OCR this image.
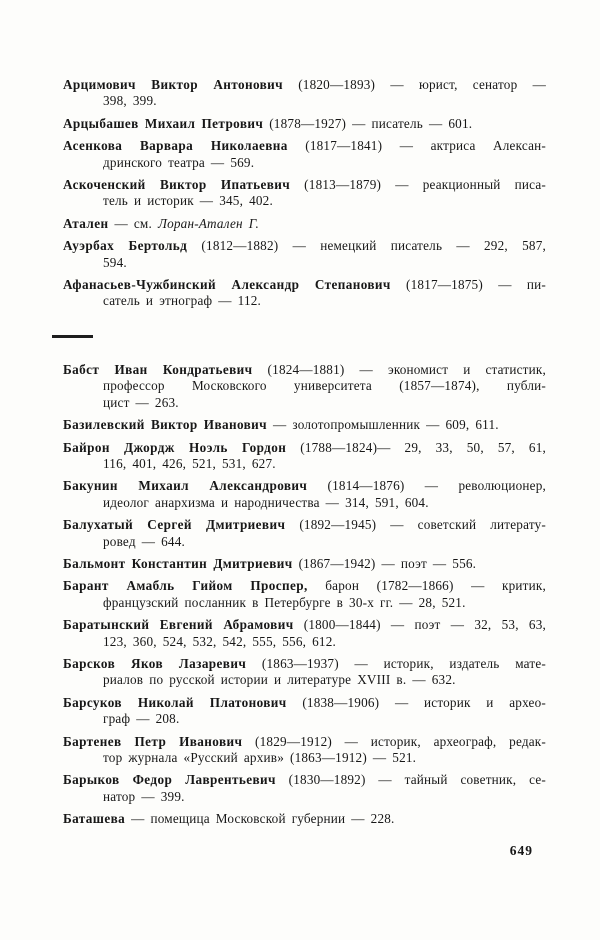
Арцимович Виктор Антонович (1820—1893) — юрист, сенатор —
398, 399.
Арцыбашев Михаил Петрович (1878—1927) — писатель — 601.
Асенкова Варвара Николаевна (1817—1841) — актриса Алексан-
дринского театра — 569.
Аскоченский Виктор Ипатьевич (1813—1879) — реакционный писа-
тель и историк — 345, 402.
Атален — см. Лоран-Атален Г.
Ауэрбах Бертольд (1812—1882) — немецкий писатель — 292, 587,
594.
Афанасьев-Чужбинский Александр Степанович (1817—1875) — пи-
сатель и этнограф — 112.
Бабст Иван Кондратьевич (1824—1881) — экономист и статистик,
профессор Московского университета (1857—1874), публи-
цист — 263.
Базилевский Виктор Иванович — золотопромышленник — 609, 611.
Байрон Джордж Ноэль Гордон (1788—1824)— 29, 33, 50, 57, 61,
116, 401, 426, 521, 531, 627.
Бакунин Михаил Александрович (1814—1876) — революционер,
идеолог анархизма и народничества — 314, 591, 604.
Балухатый Сергей Дмитриевич (1892—1945) — советский литерату-
ровед — 644.
Бальмонт Константин Дмитриевич (1867—1942) — поэт — 556.
Барант Амабль Гийом Проспер, барон (1782—1866) — критик,
французский посланник в Петербурге в 30-х гг. — 28, 521.
Баратынский Евгений Абрамович (1800—1844) — поэт — 32, 53, 63,
123, 360, 524, 532, 542, 555, 556, 612.
Барсков Яков Лазаревич (1863—1937) — историк, издатель мате-
риалов по русской истории и литературе XVIII в. — 632.
Барсуков Николай Платонович (1838—1906) — историк и архео-
граф — 208.
Бартенев Петр Иванович (1829—1912) — историк, археограф, редак-
тор журнала «Русский архив» (1863—1912) — 521.
Барыков Федор Лаврентьевич (1830—1892) — тайный советник, се-
натор — 399.
Баташева — помещица Московской губернии — 228.
649
